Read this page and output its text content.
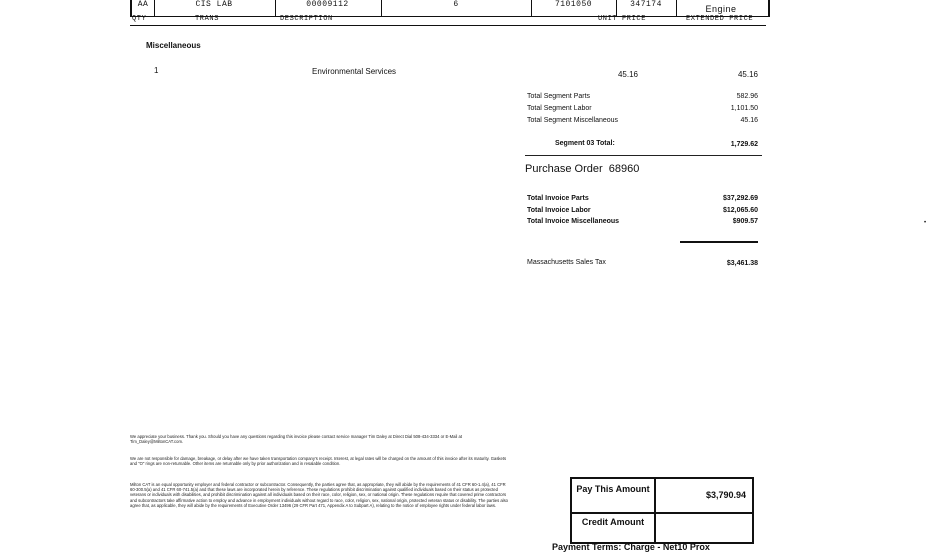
AA	CIS LAB	00009112	6	7101050	347174	Engine
QTY	TRANS	DESCRIPTION	UNIT PRICE	EXTENDED PRICE
Miscellaneous
1	Environmental Services	45.16	45.16
Total Segment Parts	582.96
Total Segment Labor	1,101.50
Total Segment Miscellaneous	45.16
Segment 03 Total:	1,729.62
Purchase Order 68960
Total Invoice Parts	$37,292.69
Total Invoice Labor	$12,065.60
Total Invoice Miscellaneous	$909.57
Massachusetts Sales Tax	$3,461.38
We appreciate your business. Thank you. Should you have any questions regarding this invoice please contact service manager Tim Daley at Direct Dial 508-434-3334 or E-Mail at Tim_Daley@MiltonCAT.com.
We are not responsible for damage, breakage, or delay after we have taken transportation company's receipt. Interest, at legal rates will be charged on the amount of this invoice after its maturity. Gaskets and "O" rings are non-returnable. Other items are returnable only by prior authorization and in resalable condition.
Milton CAT is an equal opportunity employer and federal contractor or subcontractor. Consequently, the parties agree that, as appropriate, they will abide by the requirements of 41 CFR 60-1.4(a), 41 CFR 60-300.5(a) and 41 CFR 60-741.5(a) and that these laws are incorporated herein by reference. These regulations prohibit discrimination against qualified individuals based on their status as protected veterans or individuals with disabilities, and prohibit discrimination against all individuals based on their race, color, religion, sex, or national origin. These regulations require that covered prime contractors and subcontractors take affirmative action to employ and advance in employment individuals without regard to race, color, religion, sex, national origin, protected veteran status or disability. The parties also agree that, as applicable, they will abide by the requirements of Executive Order 13496 (29 CFR Part 471, Appendix A to Subpart A), relating to the notice of employee rights under federal labor laws.
Pay This Amount
$3,790.94
Credit Amount
Payment Terms: Charge - Net10 Prox
•
